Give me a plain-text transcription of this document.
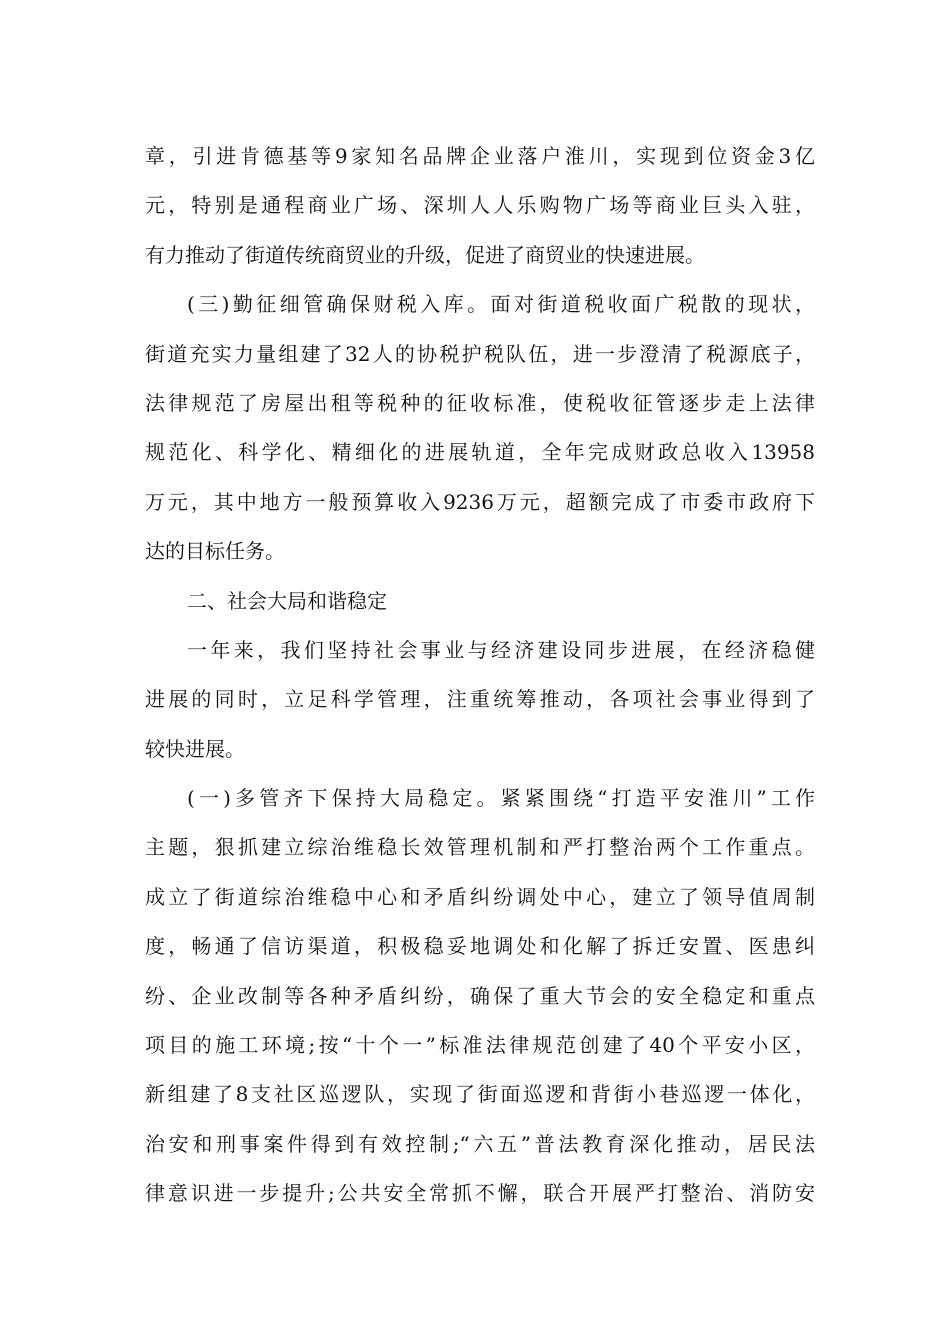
章，引进肯德基等9家知名品牌企业落户淮川，实现到位资金3亿
元，特别是通程商业广场、深圳人人乐购物广场等商业巨头入驻，
有力推动了街道传统商贸业的升级，促进了商贸业的快速进展。
(三)勤征细管确保财税入库。面对街道税收面广税散的现状，
街道充实力量组建了32人的协税护税队伍，进一步澄清了税源底子，
法律规范了房屋出租等税种的征收标准，使税收征管逐步走上法律
规范化、科学化、精细化的进展轨道，全年完成财政总收入13958
万元，其中地方一般预算收入9236万元，超额完成了市委市政府下
达的目标任务。
二、社会大局和谐稳定
一年来，我们坚持社会事业与经济建设同步进展，在经济稳健
进展的同时，立足科学管理，注重统筹推动，各项社会事业得到了
较快进展。
(一)多管齐下保持大局稳定。紧紧围绕“打造平安淮川”工作
主题，狠抓建立综治维稳长效管理机制和严打整治两个工作重点。
成立了街道综治维稳中心和矛盾纠纷调处中心，建立了领导值周制
度，畅通了信访渠道，积极稳妥地调处和化解了拆迁安置、医患纠
纷、企业改制等各种矛盾纠纷，确保了重大节会的安全稳定和重点
项目的施工环境;按“十个一”标准法律规范创建了40个平安小区，
新组建了8支社区巡逻队，实现了街面巡逻和背街小巷巡逻一体化，
治安和刑事案件得到有效控制;“六五”普法教育深化推动，居民法
律意识进一步提升;公共安全常抓不懈，联合开展严打整治、消防安
